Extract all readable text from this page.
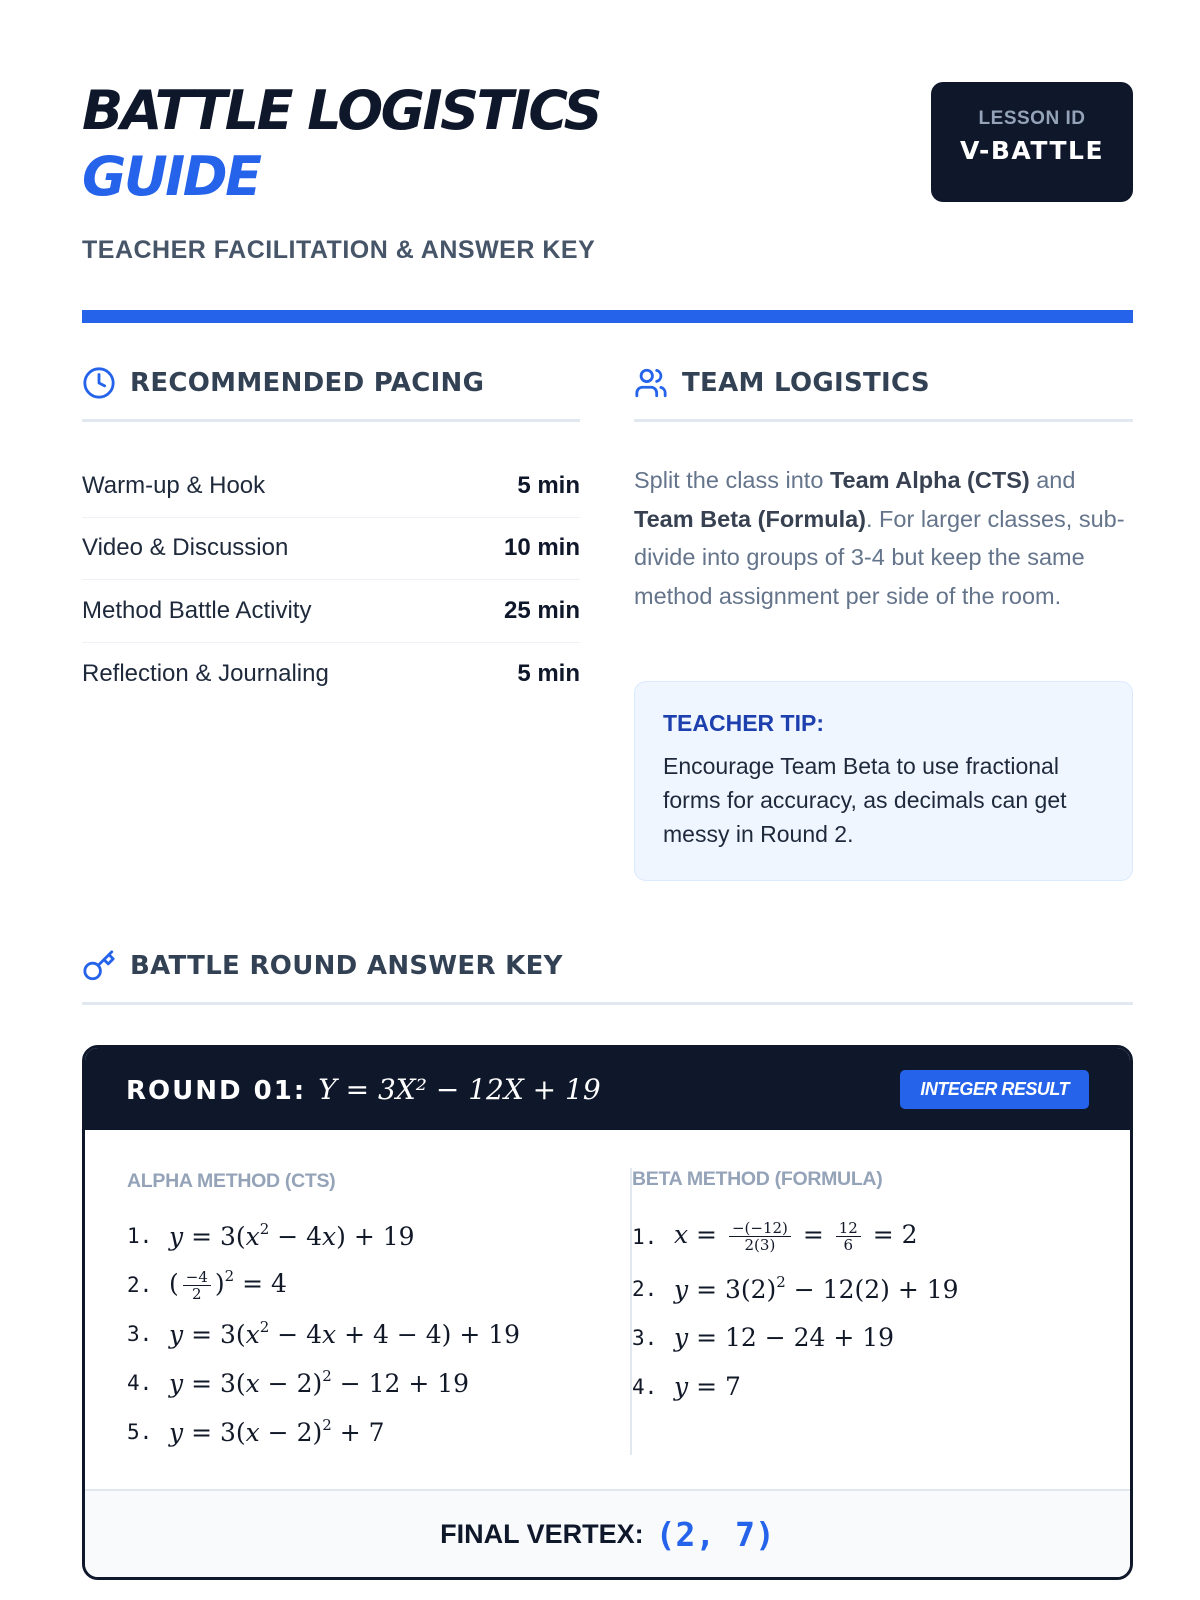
BATTLE LOGISTICS
GUIDE
TEACHER FACILITATION & ANSWER KEY
LESSON ID
V-BATTLE
RECOMMENDED PACING
Warm-up & Hook	5 min
Video & Discussion	10 min
Method Battle Activity	25 min
Reflection & Journaling	5 min
TEAM LOGISTICS
Split the class into Team Alpha (CTS) and Team Beta (Formula). For larger classes, sub-divide into groups of 3-4 but keep the same method assignment per side of the room.
TEACHER TIP:
Encourage Team Beta to use fractional forms for accuracy, as decimals can get messy in Round 2.
BATTLE ROUND ANSWER KEY
ROUND 01: Y = 3X² − 12X + 19	INTEGER RESULT
ALPHA METHOD (CTS)
1. $y = 3(x^2 - 4x) + 19$
2. ( $\frac{-4}{2} )^2 = 4$
3. $y = 3(x^2 - 4x + 4 - 4) + 19$
4. $y = 3(x - 2)^2 - 12 + 19$
5. $y = 3(x - 2)^2 + 7$
BETA METHOD (FORMULA)
1. $x = \frac{-(-12)}{2(3)} = \frac{12}{6} = 2$
2. $y = 3(2)^2 - 12(2) + 19$
3. y = 12 − 24 + 19
4. y = 7
FINAL VERTEX: (2, 7)
